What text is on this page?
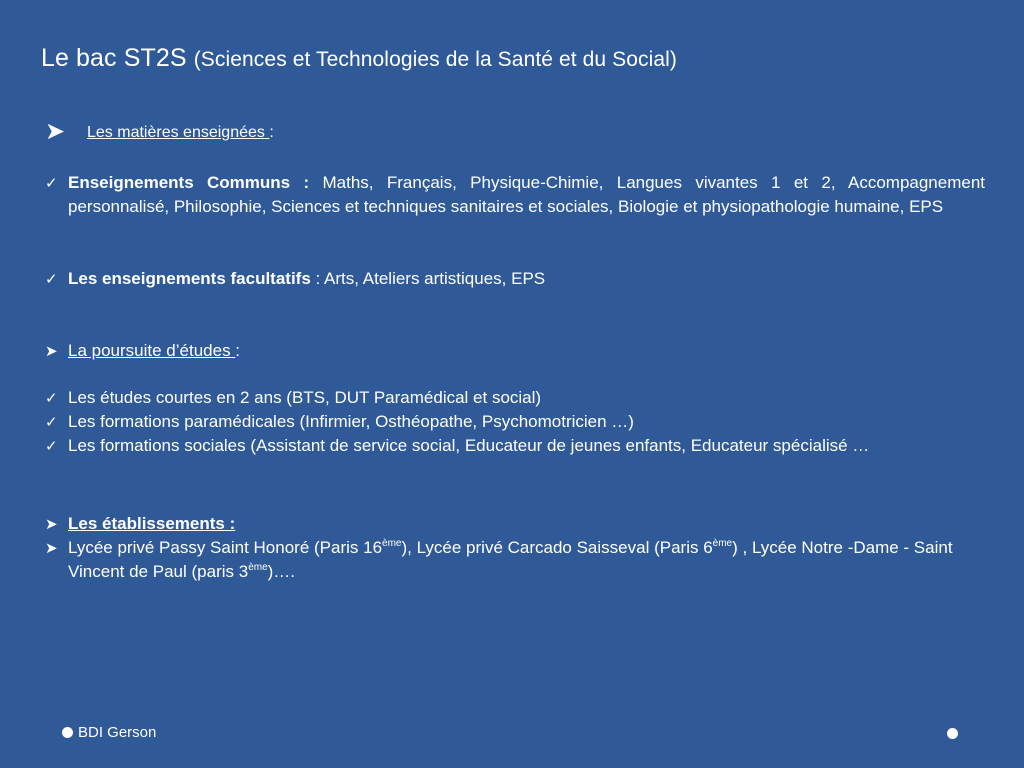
Le bac ST2S (Sciences et Technologies de la Santé et du Social)
➤ Les matières enseignées :
✓ Enseignements Communs : Maths, Français, Physique-Chimie, Langues vivantes 1 et 2, Accompagnement personnalisé, Philosophie, Sciences et techniques sanitaires et sociales, Biologie et physiopathologie humaine, EPS
✓ Les enseignements facultatifs : Arts, Ateliers artistiques, EPS
➤ La poursuite d’études :
✓ Les études courtes en 2 ans (BTS, DUT Paramédical et social)
✓ Les formations paramédicales (Infirmier, Osthéopathe, Psychomotricien …)
✓ Les formations sociales (Assistant de service social, Educateur de jeunes enfants, Educateur spécialisé …
➤ Les établissements :
➤ Lycée privé Passy Saint Honoré (Paris 16ème), Lycée privé Carcado Saisseval (Paris 6ème) , Lycée Notre -Dame - Saint Vincent de Paul (paris 3ème)….
BDI Gerson
